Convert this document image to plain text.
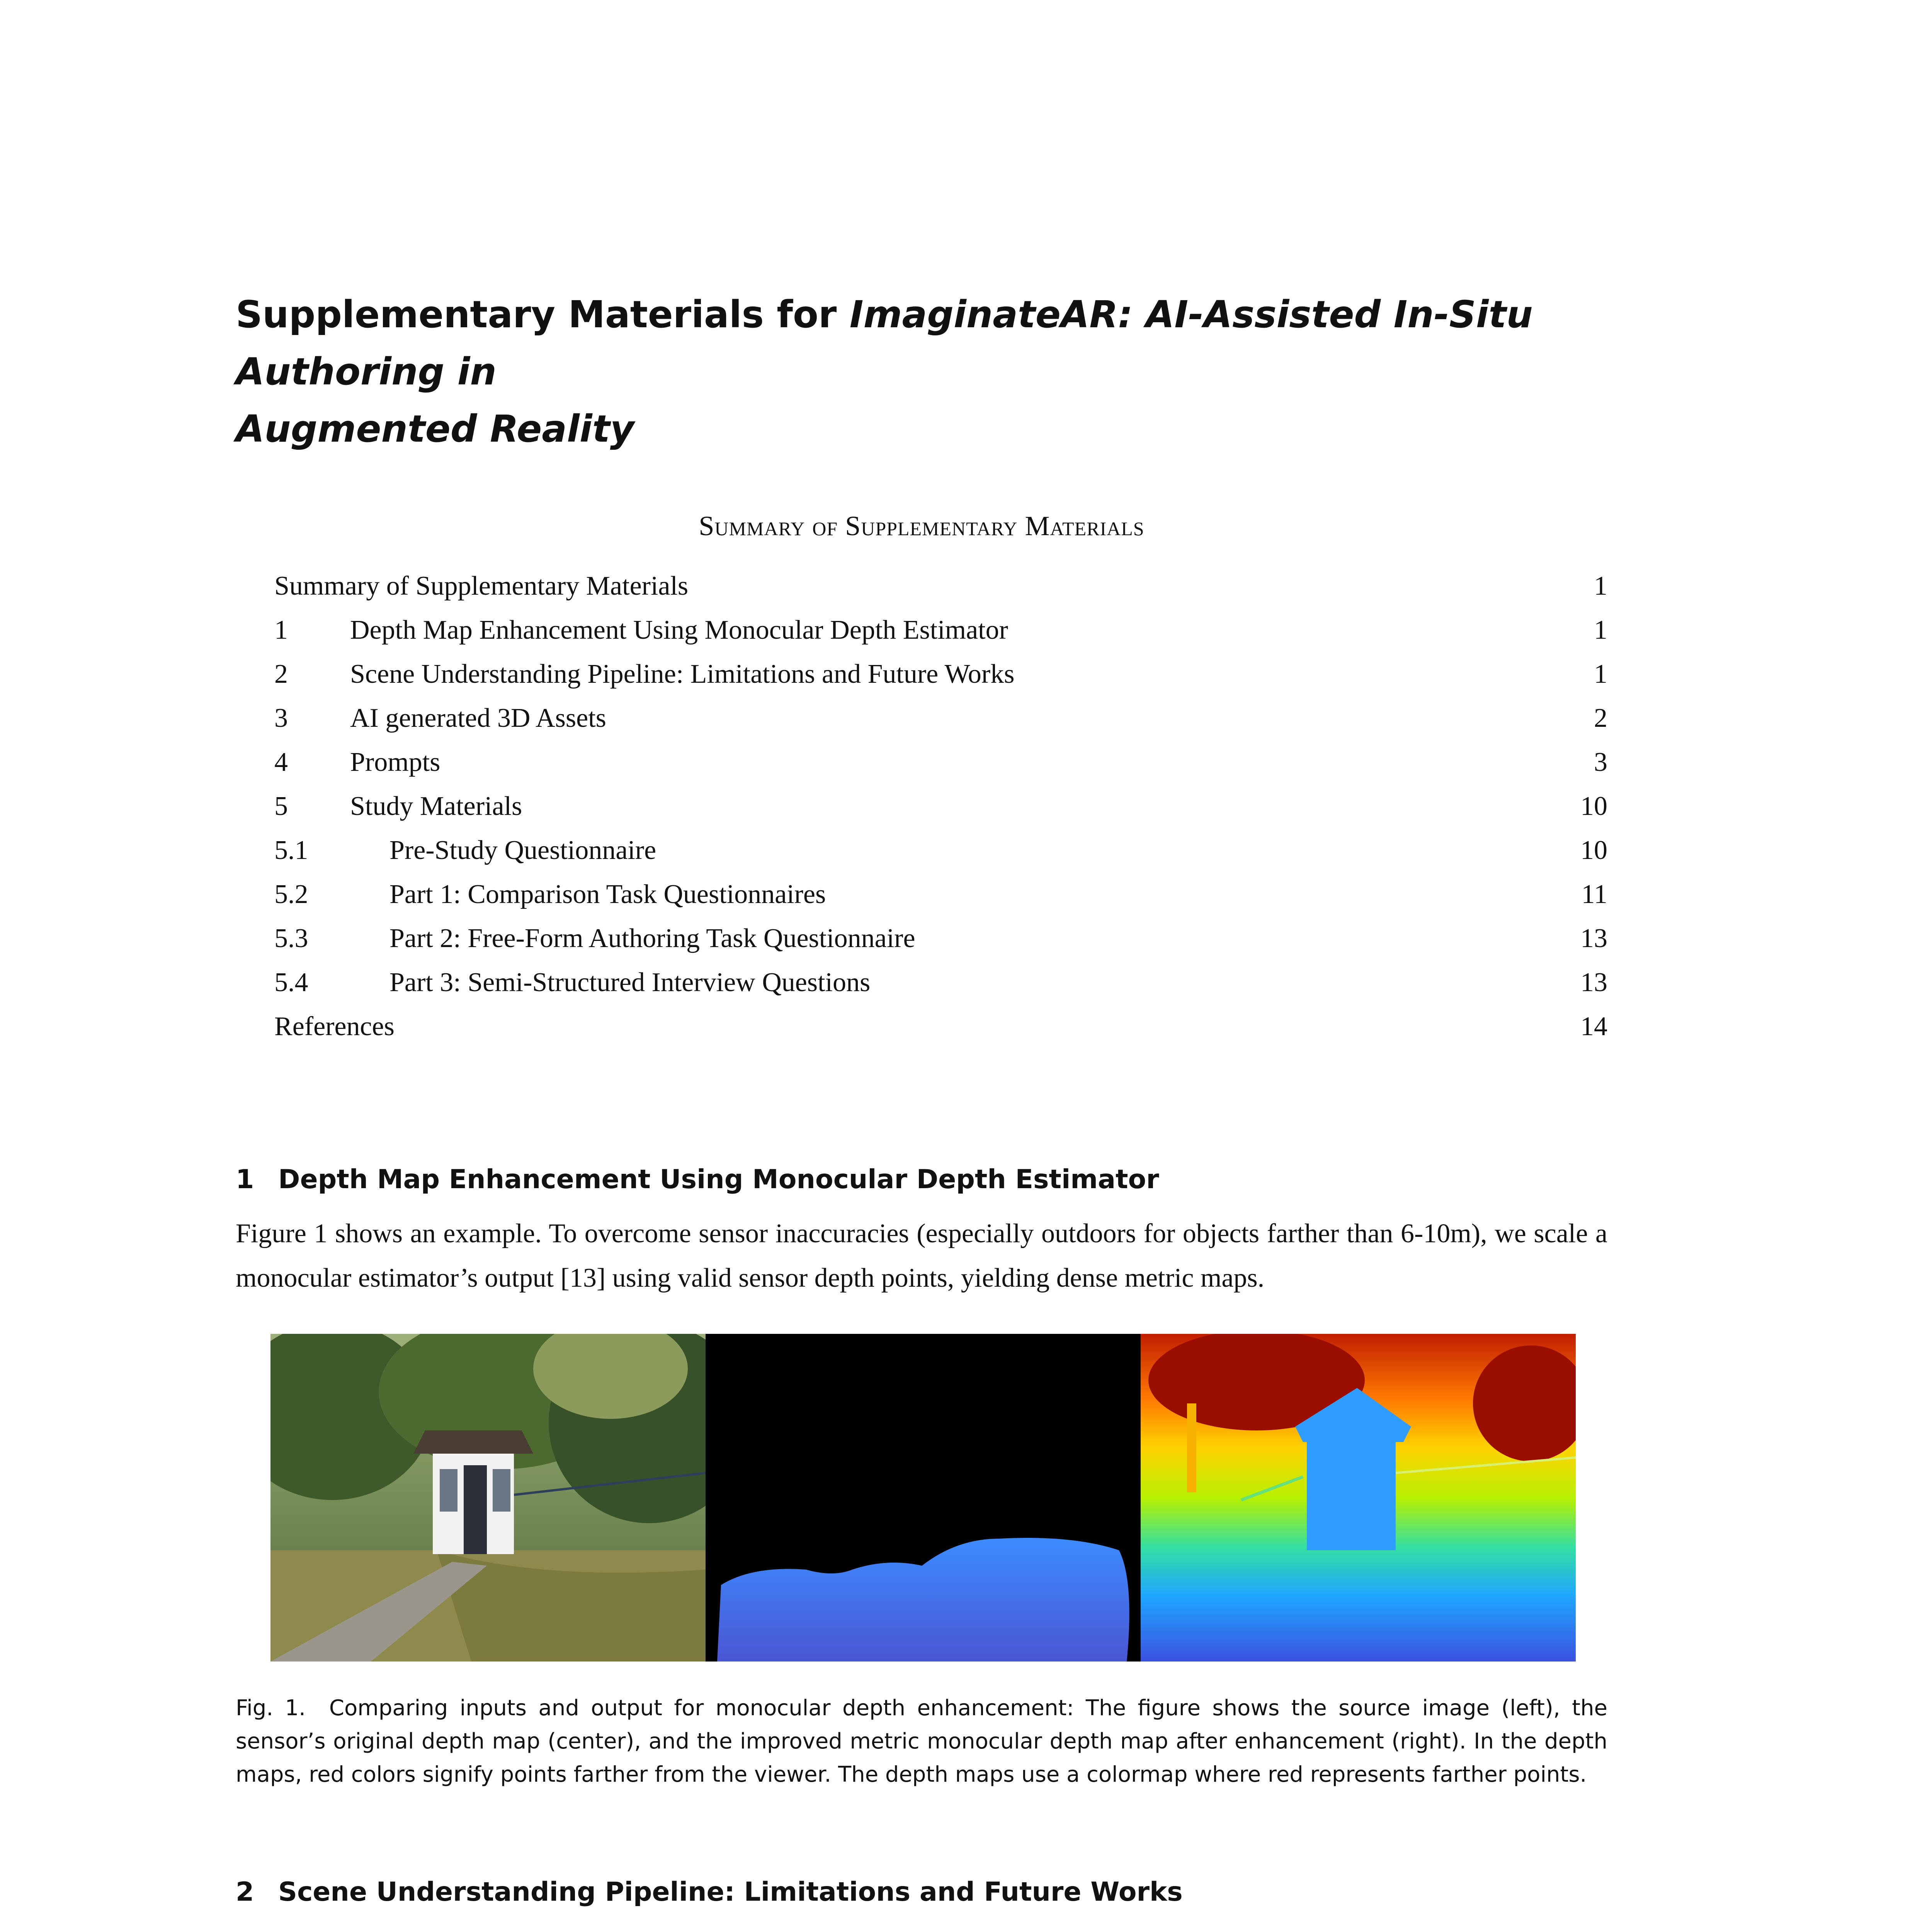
Supplementary Materials for ImaginateAR: AI-Assisted In-Situ Authoring in
Augmented Reality
Summary of Supplementary Materials
Summary of Supplementary Materials	1
1 Depth Map Enhancement Using Monocular Depth Estimator	1
2 Scene Understanding Pipeline: Limitations and Future Works	1
3 AI generated 3D Assets	2
4 Prompts	3
5 Study Materials	10
5.1	Pre-Study Questionnaire	10
5.2	Part 1: Comparison Task Questionnaires	11
5.3	Part 2: Free-Form Authoring Task Questionnaire	13
5.4	Part 3: Semi-Structured Interview Questions	13
References	14
1 Depth Map Enhancement Using Monocular Depth Estimator

Figure 1 shows an example. To overcome sensor inaccuracies (especially outdoors for objects farther than 6-10m), we scale a monocular estimator’s output [13] using valid sensor depth points, yielding dense metric maps.

Fig. 1. Comparing inputs and output for monocular depth enhancement: The figure shows the source image (left), the sensor’s original depth map (center), and the improved metric monocular depth map after enhancement (right). In the depth maps, red colors signify points farther from the viewer. The depth maps use a colormap where red represents farther points.

2 Scene Understanding Pipeline: Limitations and Future Works
